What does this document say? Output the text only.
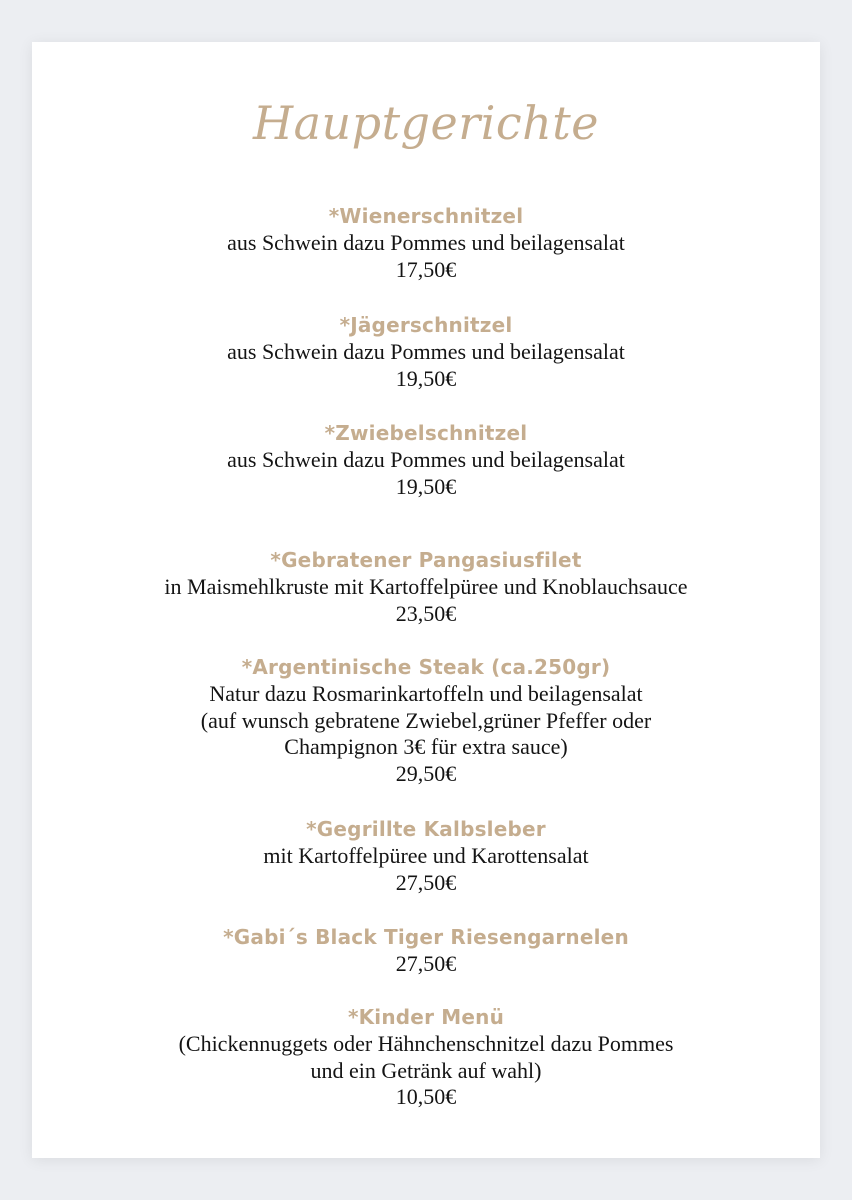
Hauptgerichte
*Wienerschnitzel
aus Schwein dazu Pommes und beilagensalat
17,50€
*Jägerschnitzel
aus Schwein dazu Pommes und beilagensalat
19,50€
*Zwiebelschnitzel
aus Schwein dazu Pommes und beilagensalat
19,50€
*Gebratener Pangasiusfilet
in Maismehlkruste mit Kartoffelpüree und Knoblauchsauce
23,50€
*Argentinische Steak (ca.250gr)
Natur dazu Rosmarinkartoffeln und beilagensalat
(auf wunsch gebratene Zwiebel,grüner Pfeffer oder
Champignon 3€ für extra sauce)
29,50€
*Gegrillte Kalbsleber
mit Kartoffelpüree und Karottensalat
27,50€
*Gabi´s Black Tiger Riesengarnelen
27,50€
*Kinder Menü
(Chickennuggets oder Hähnchenschnitzel dazu Pommes
und ein Getränk auf wahl)
10,50€
